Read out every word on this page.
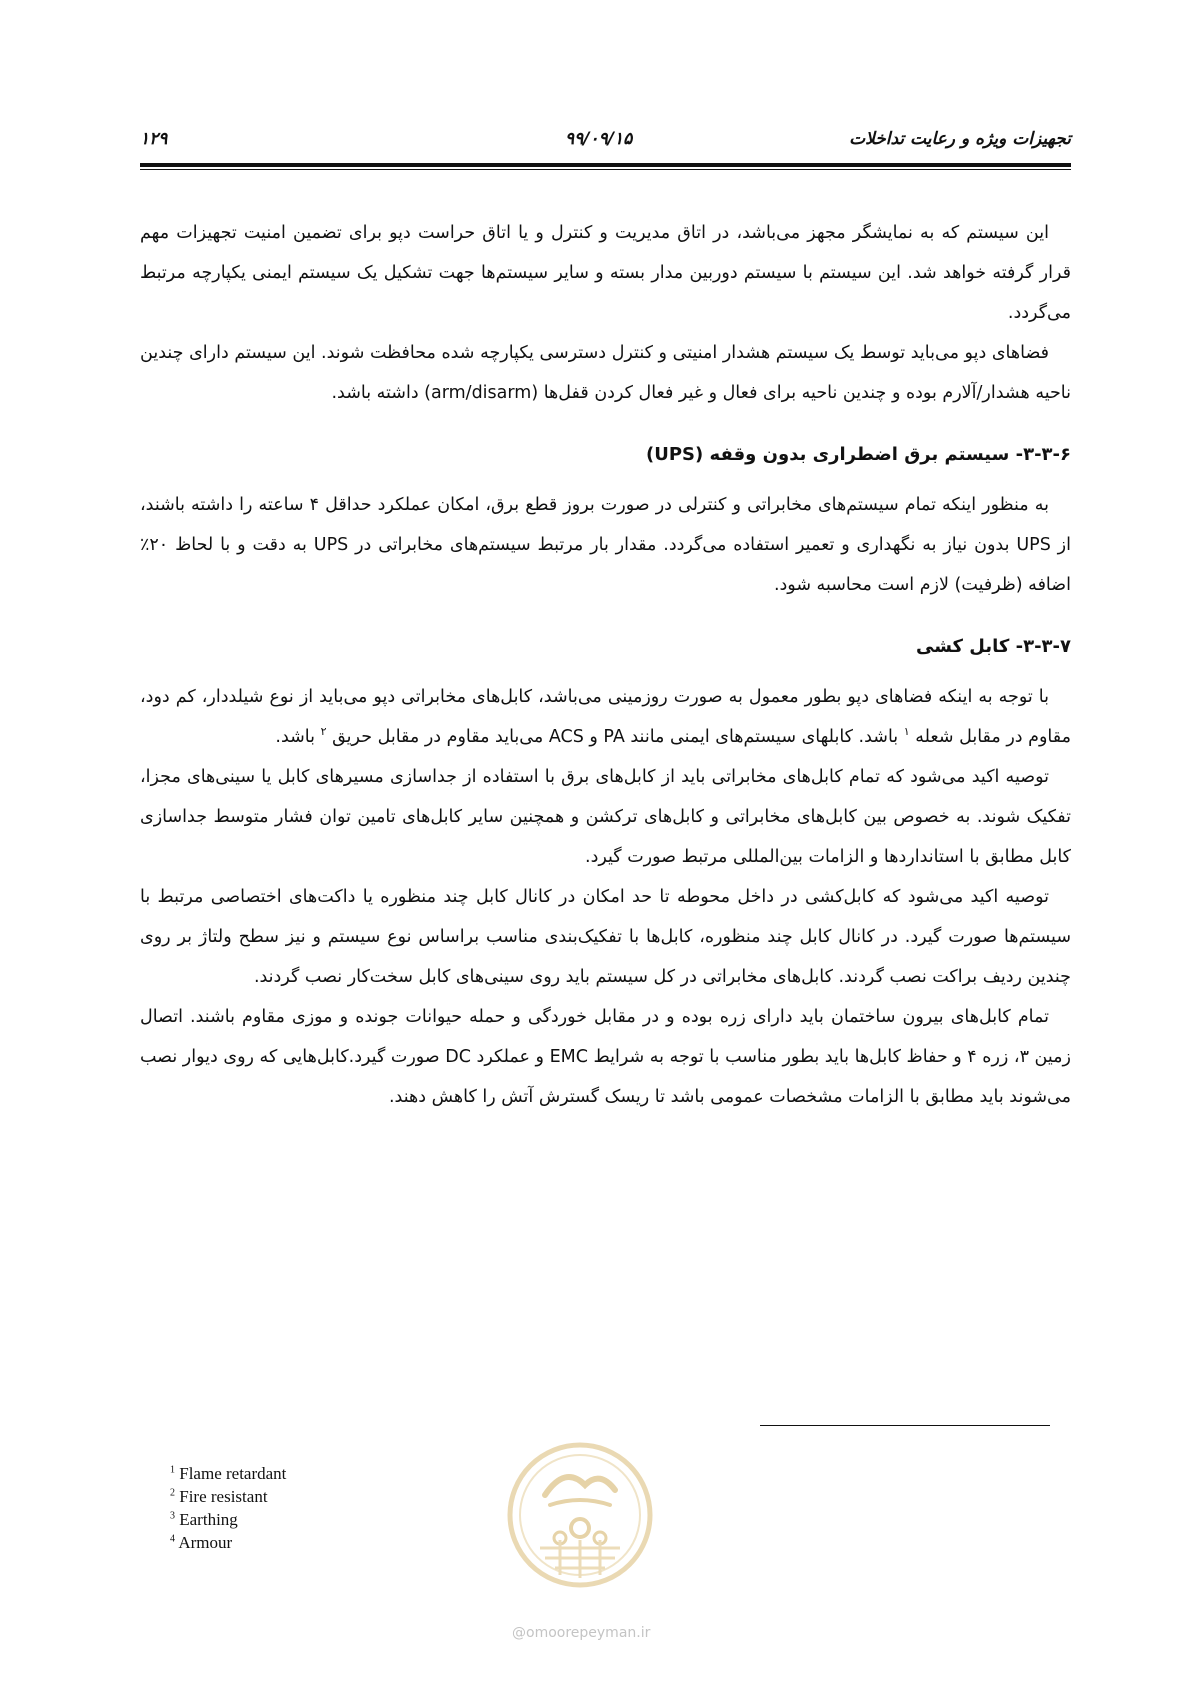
تجهیزات ویژه و رعایت تداخلات
۹۹/۰۹/۱۵
۱۲۹

این سیستم که به نمایشگر مجهز می‌باشد، در اتاق مدیریت و کنترل و یا اتاق حراست دپو برای تضمین امنیت تجهیزات مهم قرار گرفته خواهد شد. این سیستم با سیستم دوربین مدار بسته و سایر سیستم‌ها جهت تشکیل یک سیستم ایمنی یکپارچه مرتبط می‌گردد.

فضاهای دپو می‌باید توسط یک سیستم هشدار امنیتی و کنترل دسترسی یکپارچه شده محافظت شوند. این سیستم دارای چندین ناحیه هشدار/آلارم بوده و چندین ناحیه برای فعال و غیر فعال کردن قفل‌ها (arm/disarm) داشته باشد.

۳-۳-۶- سیستم برق اضطراری بدون وقفه (UPS)

به منظور اینکه تمام سیستم‌های مخابراتی و کنترلی در صورت بروز قطع برق، امکان عملکرد حداقل ۴ ساعته را داشته باشند، از UPS بدون نیاز به نگهداری و تعمیر استفاده می‌گردد. مقدار بار مرتبط سیستم‌های مخابراتی در UPS به دقت و با لحاظ ۲۰٪ اضافه (ظرفیت) لازم است محاسبه شود.

۳-۳-۷- کابل کشی

با توجه به اینکه فضاهای دپو بطور معمول به صورت روزمینی می‌باشد، کابل‌های مخابراتی دپو می‌باید از نوع شیلددار، کم دود، مقاوم در مقابل شعله $^۱$ باشد. کابلهای سیستم‌های ایمنی مانند PA و ACS می‌باید مقاوم در مقابل حریق $^۲$ باشد.

توصیه اکید می‌شود که تمام کابل‌های مخابراتی باید از کابل‌های برق با استفاده از جداسازی مسیرهای کابل یا سینی‌های مجزا، تفکیک شوند. به خصوص بین کابل‌های مخابراتی و کابل‌های ترکشن و همچنین سایر کابل‌های تامین توان فشار متوسط جداسازی کابل مطابق با استانداردها و الزامات بین‌المللی مرتبط صورت گیرد.

توصیه اکید می‌شود که کابل‌کشی در داخل محوطه تا حد امکان در کانال کابل چند منظوره یا داکت‌های اختصاصی مرتبط با سیستم‌ها صورت گیرد. در کانال کابل چند منظوره، کابل‌ها با تفکیک‌بندی مناسب براساس نوع سیستم و نیز سطح ولتاژ بر روی چندین ردیف براکت نصب گردند. کابل‌های مخابراتی در کل سیستم باید روی سینی‌های کابل سخت‌کار نصب گردند.

تمام کابل‌های بیرون ساختمان باید دارای زره بوده و در مقابل خوردگی و حمله حیوانات جونده و موزی مقاوم باشند. اتصال زمین ۳، زره ۴ و حفاظ کابل‌ها باید بطور مناسب با توجه به شرایط EMC و عملکرد DC صورت گیرد.کابل‌هایی که روی دیوار نصب می‌شوند باید مطابق با الزامات مشخصات عمومی باشد تا ریسک گسترش آتش را کاهش دهند.

$^1$ Flame retardant
$^2$ Fire resistant
$^3$ Earthing
$^4$ Armour
@omoorepeyman.ir
